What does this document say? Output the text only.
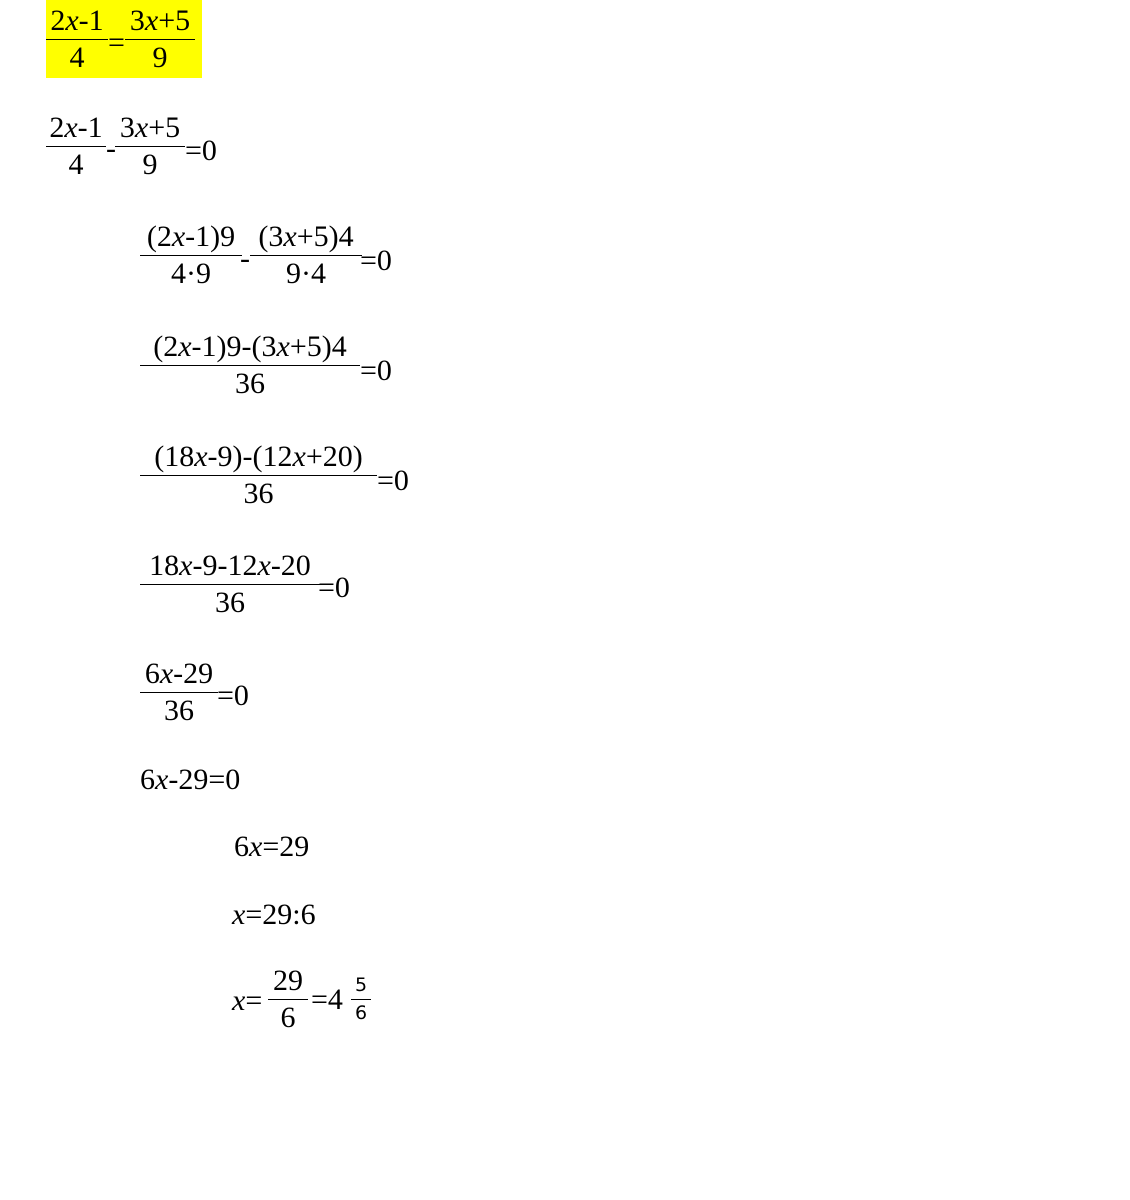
2x-1
4 =
3x+5
9
2x-1
4 -
3x+5
9 =0
(2x-1)9
4·9 -
(3x+5)4
9·4	=0
(2x-1)9-(3x+5)4
36	=0
(18x-9)-(12x+20)
36	=0
18x-9-12x-20
36	=0
6x-29
36 =0
6x-29=0
6x=29
x=29:6
x=
29
6
=4 5
6
